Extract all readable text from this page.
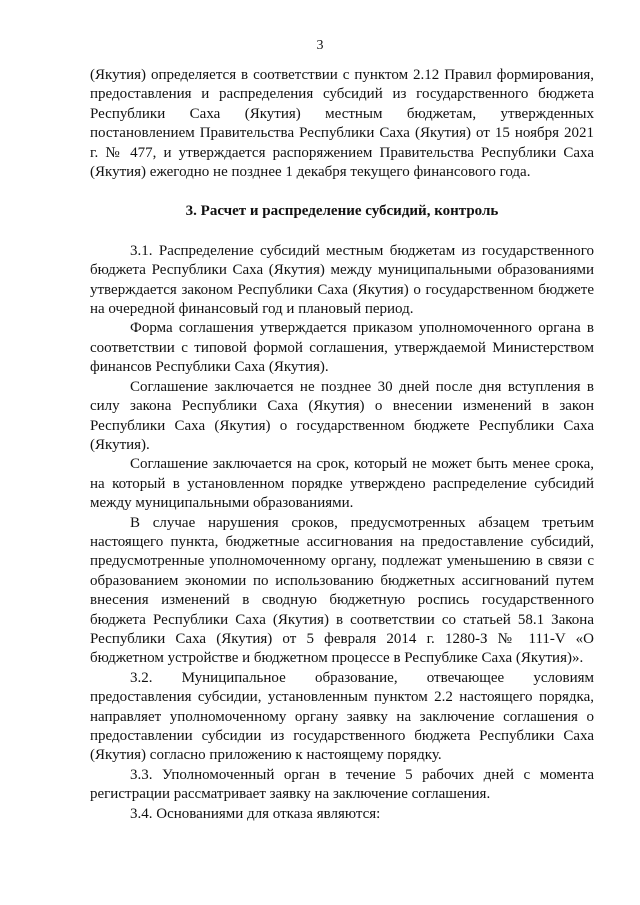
3

(Якутия) определяется в соответствии с пунктом 2.12 Правил формирования, предоставления и распределения субсидий из государственного бюджета Республики Саха (Якутия) местным бюджетам, утвержденных постановлением Правительства Республики Саха (Якутия) от 15 ноября 2021 г. № 477, и утверждается распоряжением Правительства Республики Саха (Якутия) ежегодно не позднее 1 декабря текущего финансового года.

3. Расчет и распределение субсидий, контроль

3.1. Распределение субсидий местным бюджетам из государственного бюджета Республики Саха (Якутия) между муниципальными образованиями утверждается законом Республики Саха (Якутия) о государственном бюджете на очередной финансовый год и плановый период.

Форма соглашения утверждается приказом уполномоченного органа в соответствии с типовой формой соглашения, утверждаемой Министерством финансов Республики Саха (Якутия).

Соглашение заключается не позднее 30 дней после дня вступления в силу закона Республики Саха (Якутия) о внесении изменений в закон Республики Саха (Якутия) о государственном бюджете Республики Саха (Якутия).

Соглашение заключается на срок, который не может быть менее срока, на который в установленном порядке утверждено распределение субсидий между муниципальными образованиями.

В случае нарушения сроков, предусмотренных абзацем третьим настоящего пункта, бюджетные ассигнования на предоставление субсидий, предусмотренные уполномоченному органу, подлежат уменьшению в связи с образованием экономии по использованию бюджетных ассигнований путем внесения изменений в сводную бюджетную роспись государственного бюджета Республики Саха (Якутия) в соответствии со статьей 58.1 Закона Республики Саха (Якутия) от 5 февраля 2014 г. 1280-З № 111-V «О бюджетном устройстве и бюджетном процессе в Республике Саха (Якутия)».

3.2. Муниципальное образование, отвечающее условиям предоставления субсидии, установленным пунктом 2.2 настоящего порядка, направляет уполномоченному органу заявку на заключение соглашения о предоставлении субсидии из государственного бюджета Республики Саха (Якутия) согласно приложению к настоящему порядку.

3.3. Уполномоченный орган в течение 5 рабочих дней с момента регистрации рассматривает заявку на заключение соглашения.

3.4. Основаниями для отказа являются:
